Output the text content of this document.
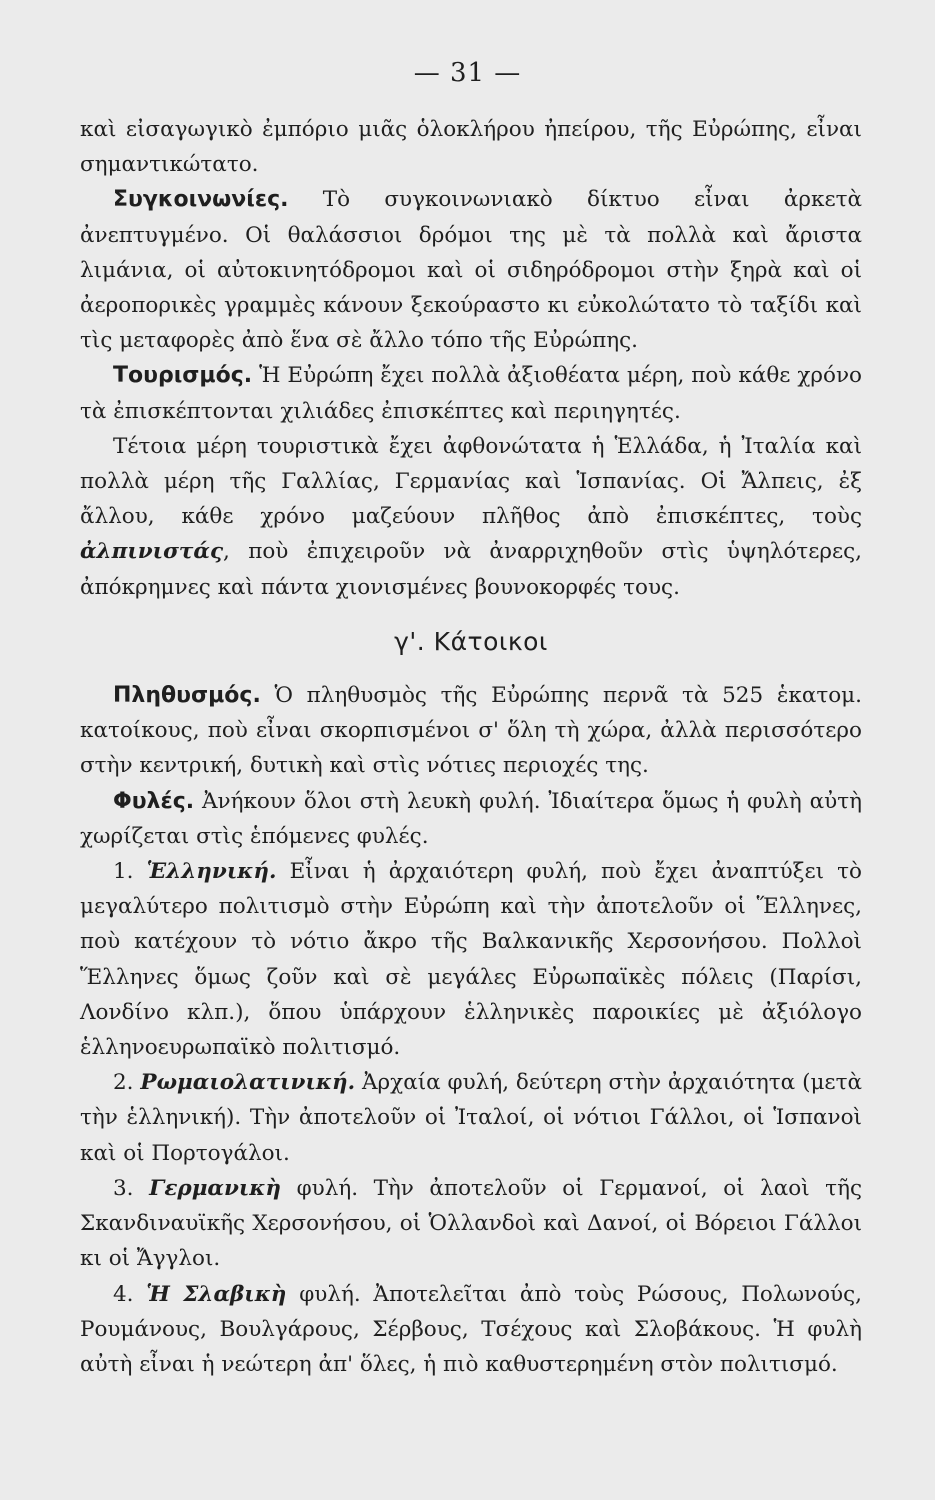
— 31 —

καὶ εἰσαγωγικὸ ἐμπόριο μιᾶς ὁλοκλήρου ἠπείρου, τῆς Εὐρώπης, εἶναι σημαντικώτατο.

Συγκοινωνίες. Τὸ συγκοινωνιακὸ δίκτυο εἶναι ἀρκετὰ ἀνεπτυγμένο. Οἱ θαλάσσιοι δρόμοι της μὲ τὰ πολλὰ καὶ ἄριστα λιμάνια, οἱ αὐτοκινητόδρομοι καὶ οἱ σιδηρόδρομοι στὴν ξηρὰ καὶ οἱ ἀεροπορικὲς γραμμὲς κάνουν ξεκούραστο κι εὐκολώτατο τὸ ταξίδι καὶ τὶς μεταφορὲς ἀπὸ ἕνα σὲ ἄλλο τόπο τῆς Εὐρώπης.

Τουρισμός. Ἡ Εὐρώπη ἔχει πολλὰ ἀξιοθέατα μέρη, ποὺ κάθε χρόνο τὰ ἐπισκέπτονται χιλιάδες ἐπισκέπτες καὶ περιηγητές.

Τέτοια μέρη τουριστικὰ ἔχει ἀφθονώτατα ἡ Ἑλλάδα, ἡ Ἰταλία καὶ πολλὰ μέρη τῆς Γαλλίας, Γερμανίας καὶ Ἱσπανίας. Οἱ Ἄλπεις, ἐξ ἄλλου, κάθε χρόνο μαζεύουν πλῆθος ἀπὸ ἐπισκέπτες, τοὺς ἀλπινιστάς, ποὺ ἐπιχειροῦν νὰ ἀναρριχηθοῦν στὶς ὑψηλότερες, ἀπόκρημνες καὶ πάντα χιονισμένες βουνοκορφές τους.

γ'. Κάτοικοι

Πληθυσμός. Ὁ πληθυσμὸς τῆς Εὐρώπης περνᾶ τὰ 525 ἑκατομ. κατοίκους, ποὺ εἶναι σκορπισμένοι σ' ὅλη τὴ χώρα, ἀλλὰ περισσότερο στὴν κεντρική, δυτικὴ καὶ στὶς νότιες περιοχές της.

Φυλές. Ἀνήκουν ὅλοι στὴ λευκὴ φυλή. Ἰδιαίτερα ὅμως ἡ φυλὴ αὐτὴ χωρίζεται στὶς ἑπόμενες φυλές.

1. Ἑλληνική. Εἶναι ἡ ἀρχαιότερη φυλή, ποὺ ἔχει ἀναπτύξει τὸ μεγαλύτερο πολιτισμὸ στὴν Εὐρώπη καὶ τὴν ἀποτελοῦν οἱ Ἕλληνες, ποὺ κατέχουν τὸ νότιο ἄκρο τῆς Βαλκανικῆς Χερσονήσου. Πολλοὶ Ἕλληνες ὅμως ζοῦν καὶ σὲ μεγάλες Εὐρωπαϊκὲς πόλεις (Παρίσι, Λονδίνο κλπ.), ὅπου ὑπάρχουν ἑλληνικὲς παροικίες μὲ ἀξιόλογο ἑλληνοευρωπαϊκὸ πολιτισμό.

2. Ρωμαιολατινική. Ἀρχαία φυλή, δεύτερη στὴν ἀρχαιότητα (μετὰ τὴν ἑλληνική). Τὴν ἀποτελοῦν οἱ Ἰταλοί, οἱ νότιοι Γάλλοι, οἱ Ἱσπανοὶ καὶ οἱ Πορτογάλοι.

3. Γερμανικὴ φυλή. Τὴν ἀποτελοῦν οἱ Γερμανοί, οἱ λαοὶ τῆς Σκανδιναυϊκῆς Χερσονήσου, οἱ Ὁλλανδοὶ καὶ Δανοί, οἱ Βόρειοι Γάλλοι κι οἱ Ἄγγλοι.

4. Ἡ Σλαβικὴ φυλή. Ἀποτελεῖται ἀπὸ τοὺς Ρώσους, Πολωνούς, Ρουμάνους, Βουλγάρους, Σέρβους, Τσέχους καὶ Σλοβάκους. Ἡ φυλὴ αὐτὴ εἶναι ἡ νεώτερη ἀπ' ὅλες, ἡ πιὸ καθυστερημένη στὸν πολιτισμό.
